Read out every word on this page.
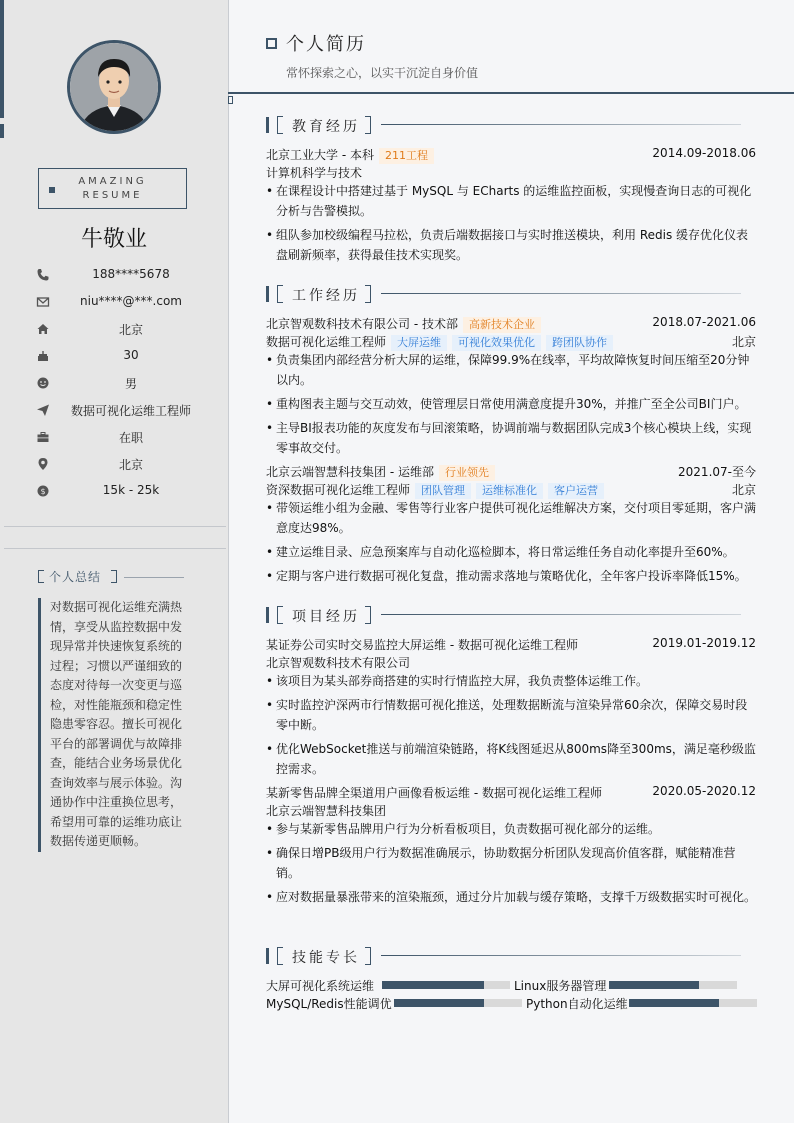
AMAZING
RESUME
牛敬业
188****5678
niu****@***.com
北京
30
男
数据可视化运维工程师
在职
北京
$	15k - 25k
个人总结
对数据可视化运维充满热情，享受从监控数据中发现异常并快速恢复系统的过程；习惯以严谨细致的态度对待每一次变更与巡检，对性能瓶颈和稳定性隐患零容忍。擅长可视化平台的部署调优与故障排查，能结合业务场景优化查询效率与展示体验。沟通协作中注重换位思考，希望用可靠的运维功底让数据传递更顺畅。
个人简历
常怀探索之心，以实干沉淀自身价值
教育经历
北京工业大学 - 本科 211工程	2014.09-2018.06
计算机科学与技术
• 在课程设计中搭建过基于 MySQL 与 ECharts 的运维监控面板，实现慢查询日志的可视化分析与告警模拟。
• 组队参加校级编程马拉松，负责后端数据接口与实时推送模块，利用 Redis 缓存优化仪表盘刷新频率，获得最佳技术实现奖。
工作经历
北京智观数科技术有限公司 - 技术部 高新技术企业	2018.07-2021.06
数据可视化运维工程师 大屏运维 可视化效果优化 跨团队协作	北京
• 负责集团内部经营分析大屏的运维，保障99.9%在线率，平均故障恢复时间压缩至20分钟以内。
• 重构图表主题与交互动效，使管理层日常使用满意度提升30%，并推广至全公司BI门户。
• 主导BI报表功能的灰度发布与回滚策略，协调前端与数据团队完成3个核心模块上线，实现零事故交付。
北京云端智慧科技集团 - 运维部 行业领先	2021.07-至今
资深数据可视化运维工程师 团队管理 运维标准化 客户运营	北京
• 带领运维小组为金融、零售等行业客户提供可视化运维解决方案，交付项目零延期，客户满意度达98%。
• 建立运维目录、应急预案库与自动化巡检脚本，将日常运维任务自动化率提升至60%。
• 定期与客户进行数据可视化复盘，推动需求落地与策略优化，全年客户投诉率降低15%。
项目经历
某证券公司实时交易监控大屏运维 - 数据可视化运维工程师	2019.01-2019.12
北京智观数科技术有限公司
• 该项目为某头部券商搭建的实时行情监控大屏，我负责整体运维工作。
• 实时监控沪深两市行情数据可视化推送，处理数据断流与渲染异常60余次，保障交易时段零中断。
• 优化WebSocket推送与前端渲染链路，将K线图延迟从800ms降至300ms，满足毫秒级监控需求。
某新零售品牌全渠道用户画像看板运维 - 数据可视化运维工程师	2020.05-2020.12
北京云端智慧科技集团
• 参与某新零售品牌用户行为分析看板项目，负责数据可视化部分的运维。
• 确保日增PB级用户行为数据准确展示，协助数据分析团队发现高价值客群，赋能精准营销。
• 应对数据量暴涨带来的渲染瓶颈，通过分片加载与缓存策略，支撑千万级数据实时可视化。
技能专长
大屏可视化系统运维	Linux服务器管理
MySQL/Redis性能调优	Python自动化运维
